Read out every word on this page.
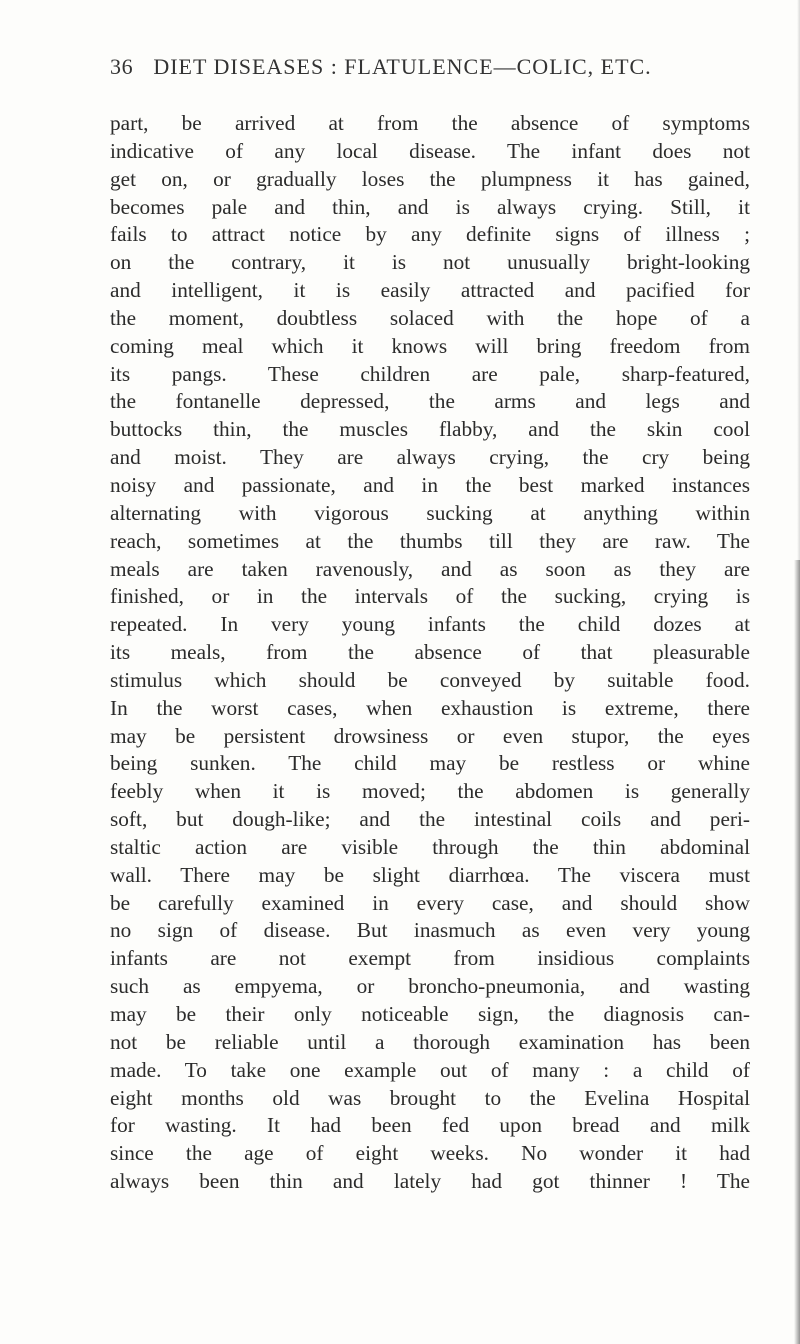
36 DIET DISEASES : FLATULENCE—COLIC, ETC.
part, be arrived at from the absence of symptoms
indicative of any local disease. The infant does not
get on, or gradually loses the plumpness it has gained,
becomes pale and thin, and is always crying. Still, it
fails to attract notice by any definite signs of illness ;
on the contrary, it is not unusually bright-looking
and intelligent, it is easily attracted and pacified for
the moment, doubtless solaced with the hope of a
coming meal which it knows will bring freedom from
its pangs. These children are pale, sharp-featured,
the fontanelle depressed, the arms and legs and
buttocks thin, the muscles flabby, and the skin cool
and moist. They are always crying, the cry being
noisy and passionate, and in the best marked instances
alternating with vigorous sucking at anything within
reach, sometimes at the thumbs till they are raw. The
meals are taken ravenously, and as soon as they are
finished, or in the intervals of the sucking, crying is
repeated. In very young infants the child dozes at
its meals, from the absence of that pleasurable
stimulus which should be conveyed by suitable food.
In the worst cases, when exhaustion is extreme, there
may be persistent drowsiness or even stupor, the eyes
being sunken. The child may be restless or whine
feebly when it is moved; the abdomen is generally
soft, but dough-like; and the intestinal coils and peri-
staltic action are visible through the thin abdominal
wall. There may be slight diarrhœa. The viscera must
be carefully examined in every case, and should show
no sign of disease. But inasmuch as even very young
infants are not exempt from insidious complaints
such as empyema, or broncho-pneumonia, and wasting
may be their only noticeable sign, the diagnosis can-
not be reliable until a thorough examination has been
made. To take one example out of many : a child of
eight months old was brought to the Evelina Hospital
for wasting. It had been fed upon bread and milk
since the age of eight weeks. No wonder it had
always been thin and lately had got thinner ! The
